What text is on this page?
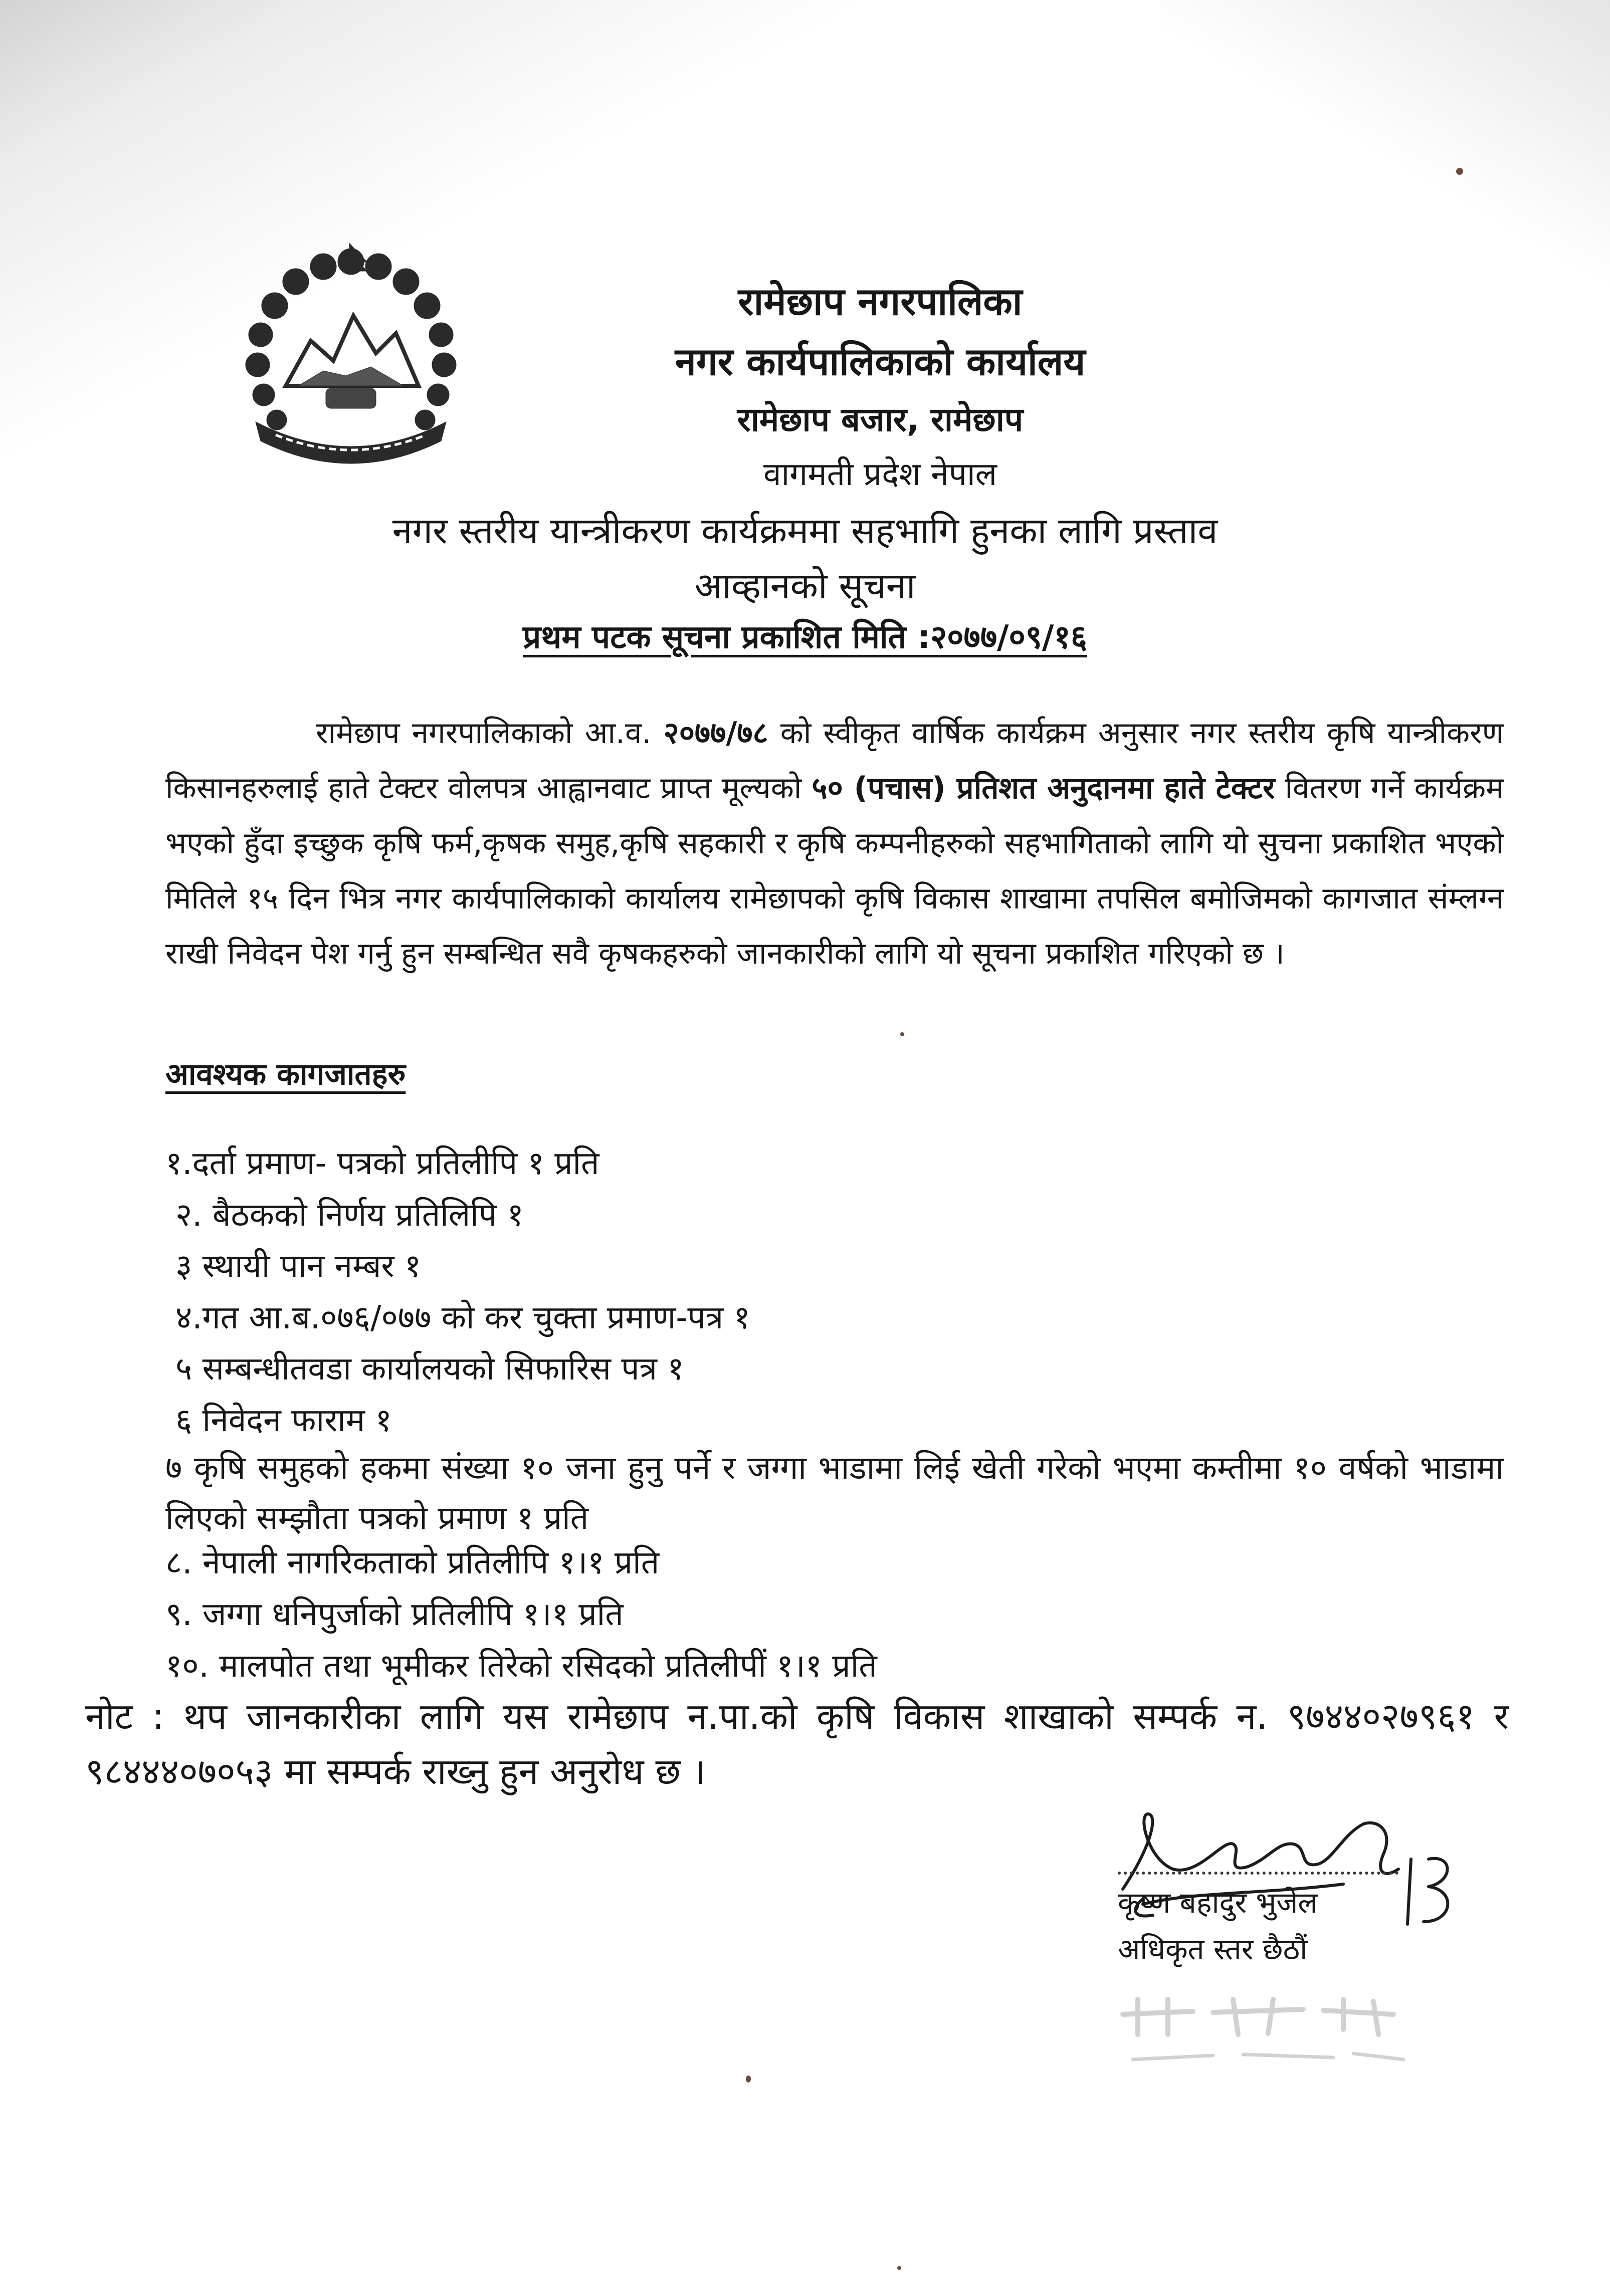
रामेछाप नगरपालिका
नगर कार्यपालिकाको कार्यालय
रामेछाप बजार, रामेछाप
वागमती प्रदेश नेपाल
नगर स्तरीय यान्त्रीकरण कार्यक्रममा सहभागि हुनका लागि प्रस्ताव
आव्हानको सूचना
प्रथम पटक सूचना प्रकाशित मिति :२०७७/०९/१६
रामेछाप नगरपालिकाको आ.व. २०७७/७८ को स्वीकृत वार्षिक कार्यक्रम अनुसार नगर स्तरीय कृषि यान्त्रीकरण किसानहरुलाई हाते टेक्टर वोलपत्र आह्वानवाट प्राप्त मूल्यको ५० (पचास) प्रतिशत अनुदानमा हाते टेक्टर वितरण गर्ने कार्यक्रम भएको हुँदा इच्छुक कृषि फर्म,कृषक समुह,कृषि सहकारी र कृषि कम्पनीहरुको सहभागिताको लागि यो सुचना प्रकाशित भएको मितिले १५ दिन भित्र नगर कार्यपालिकाको कार्यालय रामेछापको कृषि विकास शाखामा तपसिल बमोजिमको कागजात संम्लग्न राखी निवेदन पेश गर्नु हुन सम्बन्धित सवै कृषकहरुको जानकारीको लागि यो सूचना प्रकाशित गरिएको छ ।
आवश्यक कागजातहरु
१.दर्ता प्रमाण- पत्रको प्रतिलीपि १ प्रति
२. बैठकको निर्णय प्रतिलिपि १
३ स्थायी पान नम्बर १
४.गत आ.ब.०७६/०७७ को कर चुक्ता प्रमाण-पत्र १
५ सम्बन्धीतवडा कार्यालयको सिफारिस पत्र १
६ निवेदन फाराम १
७ कृषि समुहको हकमा संख्या १० जना हुनु पर्ने र जग्गा भाडामा लिई खेती गरेको भएमा कम्तीमा १० वर्षको भाडामा लिएको सम्झौता पत्रको प्रमाण १ प्रति
८. नेपाली नागरिकताको प्रतिलीपि १।१ प्रति
९. जग्गा धनिपुर्जाको प्रतिलीपि १।१ प्रति
१०. मालपोत तथा भूमीकर तिरेको रसिदको प्रतिलीपीं १।१ प्रति
नोट : थप जानकारीका लागि यस रामेछाप न.पा.को कृषि विकास शाखाको सम्पर्क न. ९७४४०२७९६१ र ९८४४४०७०५३ मा सम्पर्क राख्नु हुन अनुरोध छ ।
कृष्ण बहादुर भुजेल
अधिकृत स्तर छैठौं
